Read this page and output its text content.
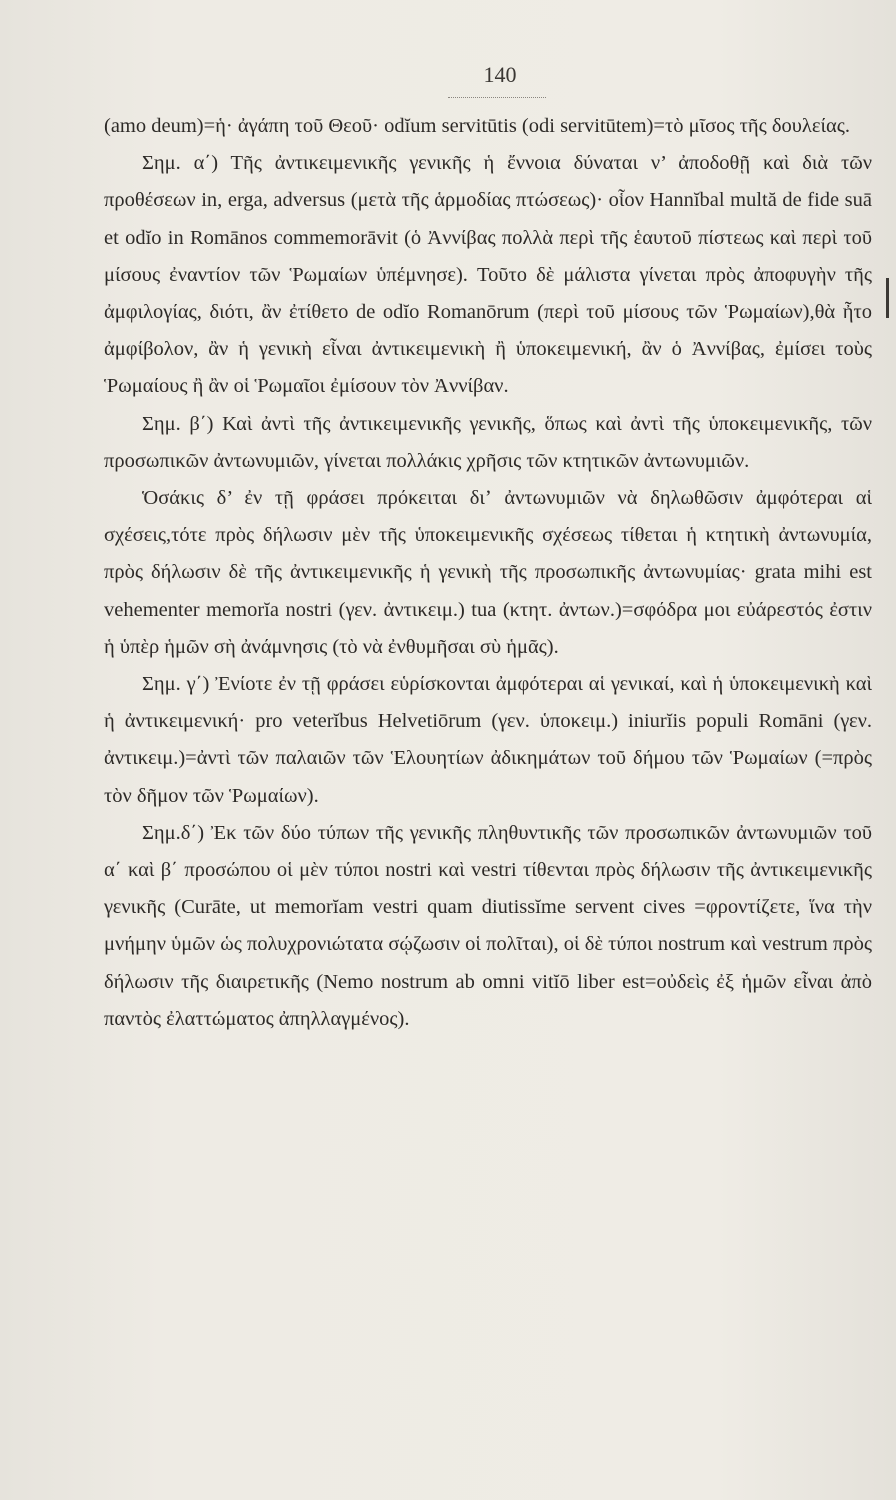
140

(amo deum)=ἡ· ἀγάπη τοῦ Θεοῦ· odĭum servitūtis (odi servitūtem)=τὸ μῖσος τῆς δουλείας.

Σημ. α΄) Τῆς ἀντικειμενικῆς γενικῆς ἡ ἔννοια δύναται ν’ ἀποδοθῇ καὶ διὰ τῶν προθέσεων in, erga, adversus (μετὰ τῆς ἁρμοδίας πτώσεως)· οἷον Hannĭbal multă de fide suā et odĭo in Romānos commemorāvit (ὁ Ἀννίβας πολλὰ περὶ τῆς ἑαυτοῦ πίστεως καὶ περὶ τοῦ μίσους ἐναντίον τῶν Ῥωμαίων ὑπέμνησε). Τοῦτο δὲ μάλιστα γίνεται πρὸς ἀποφυγὴν τῆς ἀμφιλογίας, διότι, ἂν ἐτίθετο de odĭo Romanōrum (περὶ τοῦ μίσους τῶν Ῥωμαίων),θὰ ἦτο ἀμφίβολον, ἂν ἡ γενικὴ εἶναι ἀντικειμενικὴ ἢ ὑποκειμενική, ἂν ὁ Ἀννίβας, ἐμίσει τοὺς Ῥωμαίους ἢ ἂν οἱ Ῥωμαῖοι ἐμίσουν τὸν Ἀννίβαν.

Σημ. β΄) Καὶ ἀντὶ τῆς ἀντικειμενικῆς γενικῆς, ὅπως καὶ ἀντὶ τῆς ὑποκειμενικῆς, τῶν προσωπικῶν ἀντωνυμιῶν, γίνεται πολλάκις χρῆσις τῶν κτητικῶν ἀντωνυμιῶν.

Ὁσάκις δ’ ἐν τῇ φράσει πρόκειται διʼ ἀντωνυμιῶν νὰ δηλωθῶσιν ἀμφότεραι αἱ σχέσεις,τότε πρὸς δήλωσιν μὲν τῆς ὑποκειμενικῆς σχέσεως τίθεται ἡ κτητικὴ ἀντωνυμία, πρὸς δήλωσιν δὲ τῆς ἀντικειμενικῆς ἡ γενικὴ τῆς προσωπικῆς ἀντωνυμίας· grata mihi est vehementer memorĭa nostri (γεν. ἀντικειμ.) tua (κτητ. ἀντων.)=σφόδρα μοι εὐάρεστός ἐστιν ἡ ὑπὲρ ἡμῶν σὴ ἀνάμνησις (τὸ νὰ ἐνθυμῆσαι σὺ ἡμᾶς).

Σημ. γ΄) Ἐνίοτε ἐν τῇ φράσει εὑρίσκονται ἀμφότεραι αἱ γενικαί, καὶ ἡ ὑποκειμενικὴ καὶ ἡ ἀντικειμενική· pro veterĭbus Helvetiōrum (γεν. ὑποκειμ.) iniurĭis populi Romāni (γεν. ἀντικειμ.)=ἀντὶ τῶν παλαιῶν τῶν Ἑλουητίων ἀδικημάτων τοῦ δήμου τῶν Ῥωμαίων (=πρὸς τὸν δῆμον τῶν Ῥωμαίων).

Σημ.δ΄) Ἐκ τῶν δύο τύπων τῆς γενικῆς πληθυντικῆς τῶν προσωπικῶν ἀντωνυμιῶν τοῦ α΄ καὶ β΄ προσώπου οἱ μὲν τύποι nostri καὶ vestri τίθενται πρὸς δήλωσιν τῆς ἀντικειμενικῆς γενικῆς (Curāte, ut memorĭam vestri quam diutissĭme servent cives =φροντίζετε, ἵνα τὴν μνήμην ὑμῶν ὡς πολυχρονιώτατα σῴζωσιν οἱ πολῖται), οἱ δὲ τύποι nostrum καὶ vestrum πρὸς δήλωσιν τῆς διαιρετικῆς (Nemo nostrum ab omni vitĭō liber est=οὐδεὶς ἐξ ἡμῶν εἶναι ἀπὸ παντὸς ἐλαττώματος ἀπηλλαγμένος).
